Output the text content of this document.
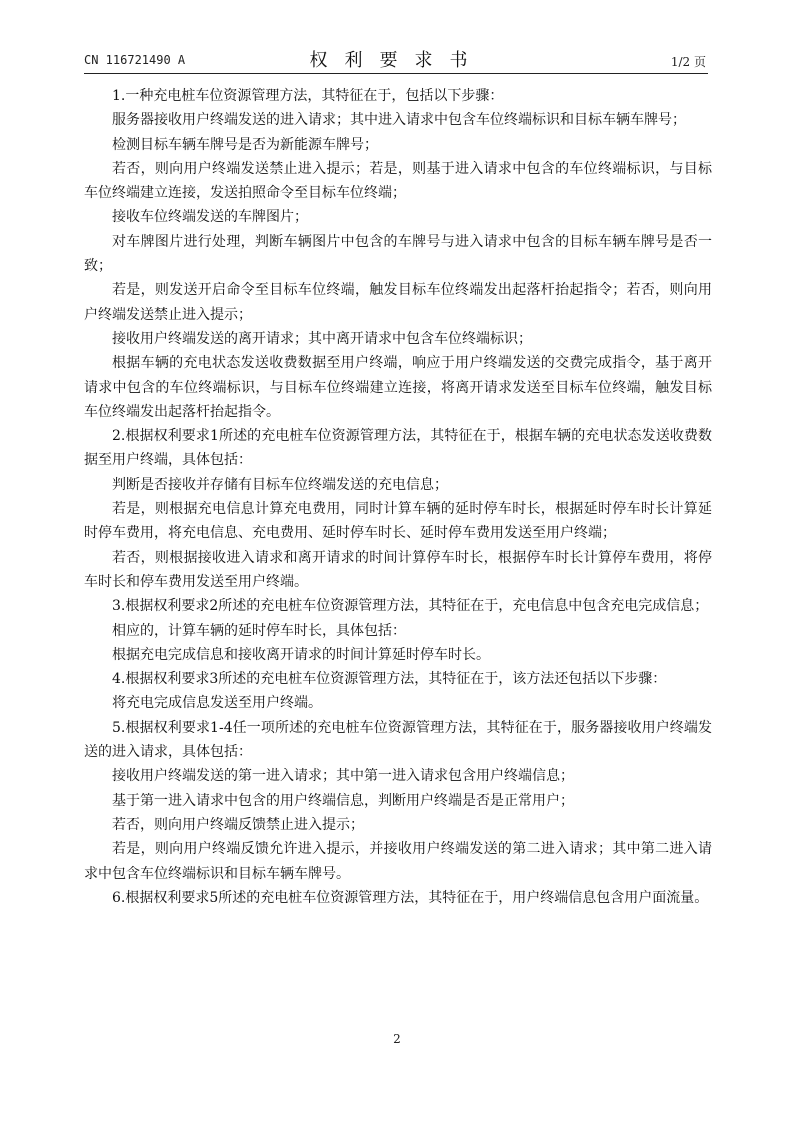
CN 116721490 A	权利要求书	1/2 页

1.一种充电桩车位资源管理方法，其特征在于，包括以下步骤：

服务器接收用户终端发送的进入请求；其中进入请求中包含车位终端标识和目标车辆车牌号；

检测目标车辆车牌号是否为新能源车牌号；

若否，则向用户终端发送禁止进入提示；若是，则基于进入请求中包含的车位终端标识，与目标车位终端建立连接，发送拍照命令至目标车位终端；

接收车位终端发送的车牌图片；

对车牌图片进行处理，判断车辆图片中包含的车牌号与进入请求中包含的目标车辆车牌号是否一致；

若是，则发送开启命令至目标车位终端，触发目标车位终端发出起落杆抬起指令；若否，则向用户终端发送禁止进入提示；

接收用户终端发送的离开请求；其中离开请求中包含车位终端标识；

根据车辆的充电状态发送收费数据至用户终端，响应于用户终端发送的交费完成指令，基于离开请求中包含的车位终端标识，与目标车位终端建立连接，将离开请求发送至目标车位终端，触发目标车位终端发出起落杆抬起指令。

2.根据权利要求1所述的充电桩车位资源管理方法，其特征在于，根据车辆的充电状态发送收费数据至用户终端，具体包括：

判断是否接收并存储有目标车位终端发送的充电信息；

若是，则根据充电信息计算充电费用，同时计算车辆的延时停车时长，根据延时停车时长计算延时停车费用，将充电信息、充电费用、延时停车时长、延时停车费用发送至用户终端；

若否，则根据接收进入请求和离开请求的时间计算停车时长，根据停车时长计算停车费用，将停车时长和停车费用发送至用户终端。

3.根据权利要求2所述的充电桩车位资源管理方法，其特征在于，充电信息中包含充电完成信息；

相应的，计算车辆的延时停车时长，具体包括：

根据充电完成信息和接收离开请求的时间计算延时停车时长。

4.根据权利要求3所述的充电桩车位资源管理方法，其特征在于，该方法还包括以下步骤：

将充电完成信息发送至用户终端。

5.根据权利要求1-4任一项所述的充电桩车位资源管理方法，其特征在于，服务器接收用户终端发送的进入请求，具体包括：

接收用户终端发送的第一进入请求；其中第一进入请求包含用户终端信息；

基于第一进入请求中包含的用户终端信息，判断用户终端是否是正常用户；

若否，则向用户终端反馈禁止进入提示；

若是，则向用户终端反馈允许进入提示，并接收用户终端发送的第二进入请求；其中第二进入请求中包含车位终端标识和目标车辆车牌号。

6.根据权利要求5所述的充电桩车位资源管理方法，其特征在于，用户终端信息包含用户面流量。

2
